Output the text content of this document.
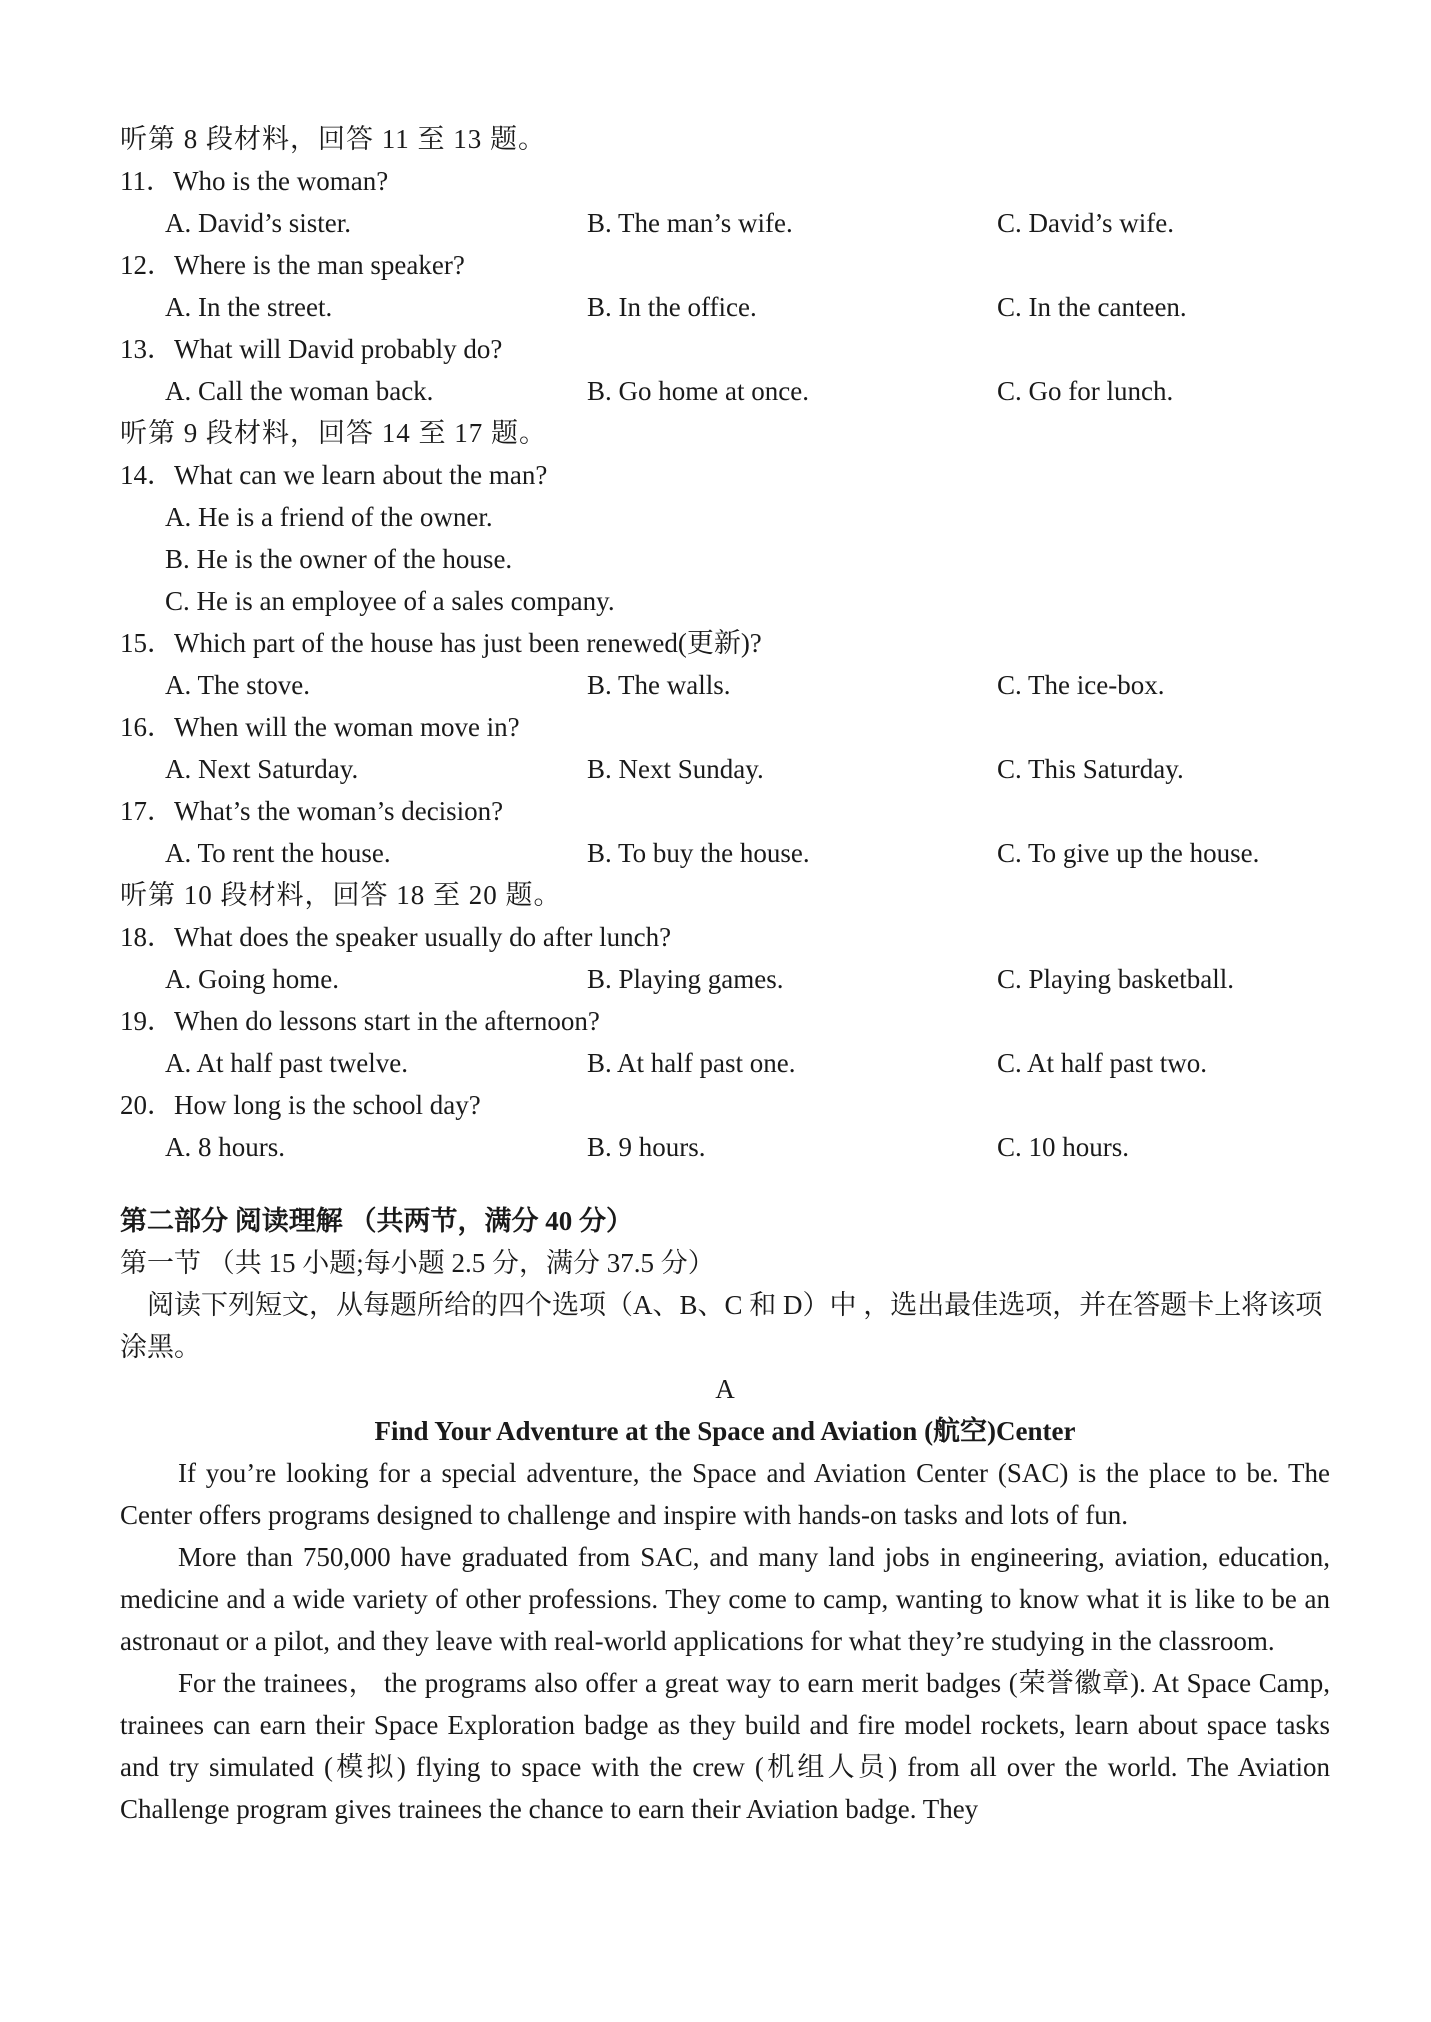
听第 8 段材料，回答 11 至 13 题。
11．Who is the woman?
A. David’s sister.	B. The man’s wife.	C. David’s wife.
12．Where is the man speaker?
A. In the street.	B. In the office.	C. In the canteen.
13．What will David probably do?
A. Call the woman back.	B. Go home at once.	C. Go for lunch.
听第 9 段材料，回答 14 至 17 题。
14．What can we learn about the man?
A. He is a friend of the owner.
B. He is the owner of the house.
C. He is an employee of a sales company.
15．Which part of the house has just been renewed(更新)?
A. The stove.	B. The walls.	C. The ice-box.
16．When will the woman move in?
A. Next Saturday.	B. Next Sunday.	C. This Saturday.
17．What’s the woman’s decision?
A. To rent the house.	B. To buy the house.	C. To give up the house.
听第 10 段材料，回答 18 至 20 题。
18．What does the speaker usually do after lunch?
A. Going home.	B. Playing games.	C. Playing basketball.
19．When do lessons start in the afternoon?
A. At half past twelve.	B. At half past one.	C. At half past two.
20．How long is the school day?
A. 8 hours.	B. 9 hours.	C. 10 hours.
第二部分 阅读理解 （共两节，满分 40 分）
第一节 （共 15 小题;每小题 2.5 分，满分 37.5 分）
阅读下列短文，从每题所给的四个选项（A、B、C 和 D）中 ，选出最佳选项，并在答题卡上将该项涂黑。
A
Find Your Adventure at the Space and Aviation (航空)Center

If you’re looking for a special adventure, the Space and Aviation Center (SAC) is the place to be. The Center offers programs designed to challenge and inspire with hands-on tasks and lots of fun.

More than 750,000 have graduated from SAC, and many land jobs in engineering, aviation, education, medicine and a wide variety of other professions. They come to camp, wanting to know what it is like to be an astronaut or a pilot, and they leave with real-world applications for what they’re studying in the classroom.

For the trainees， the programs also offer a great way to earn merit badges (荣誉徽章). At Space Camp, trainees can earn their Space Exploration badge as they build and fire model rockets, learn about space tasks and try simulated (模拟) flying to space with the crew (机组人员) from all over the world. The Aviation Challenge program gives trainees the chance to earn their Aviation badge. They
